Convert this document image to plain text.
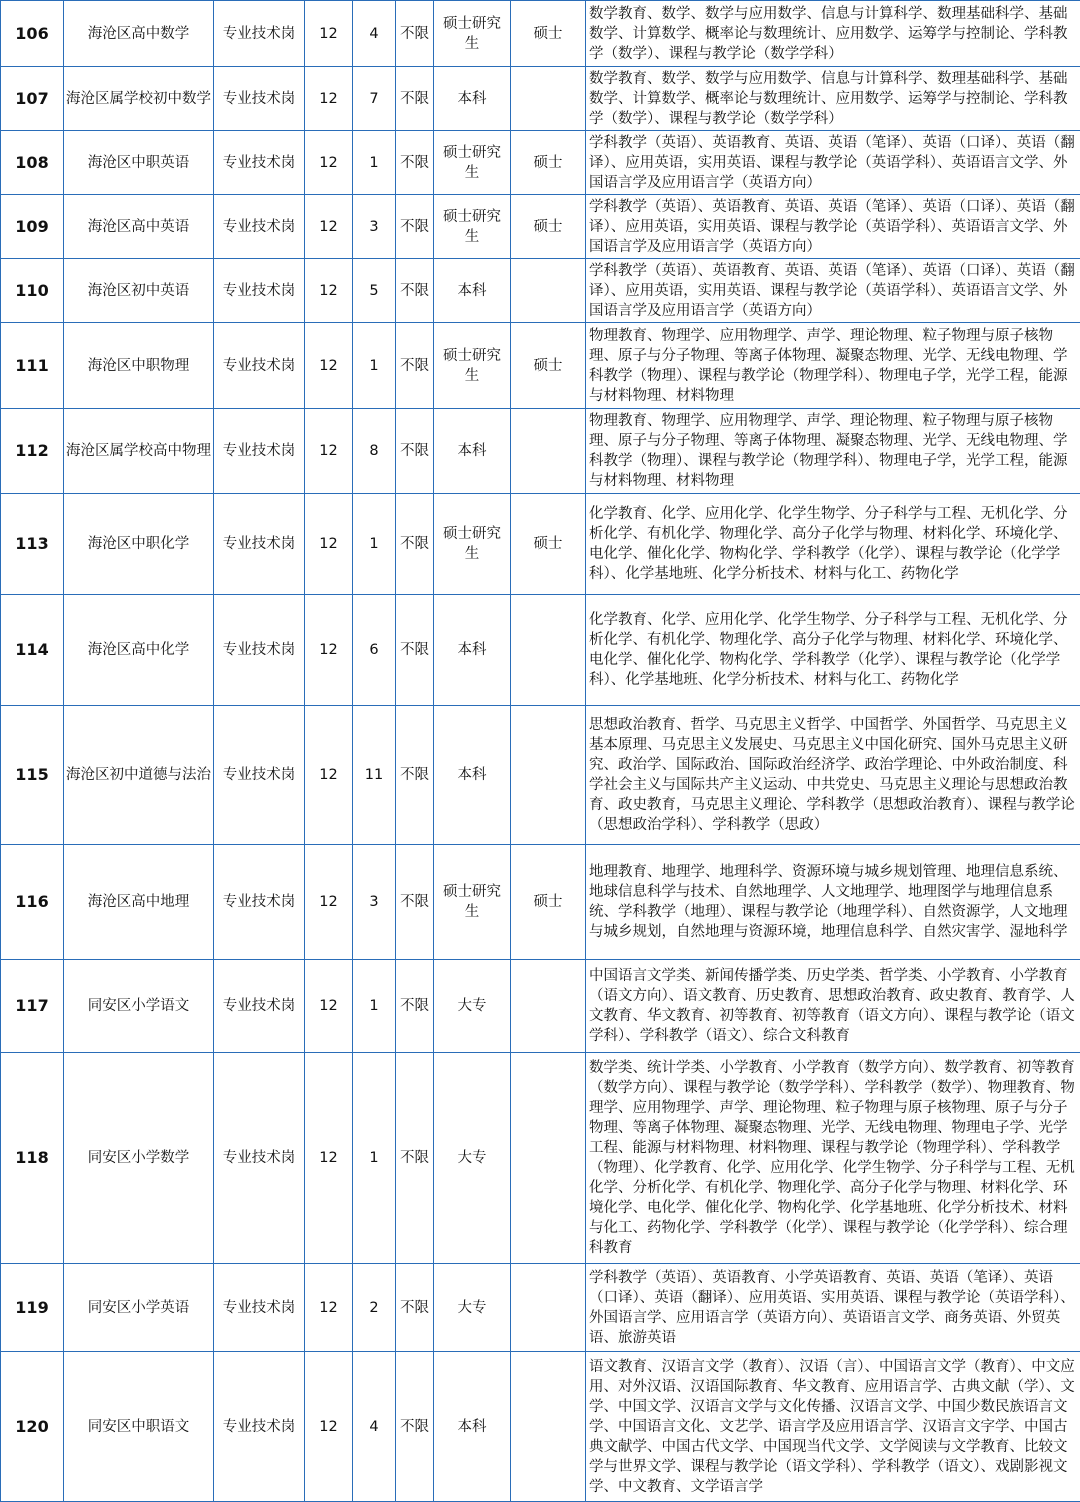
106	海沧区高中数学	专业技术岗	12	4	不限	硕士研究生	硕士	数学教育、数学、数学与应用数学、信息与计算科学、数理基础科学、基础数学、计算数学、概率论与数理统计、应用数学、运筹学与控制论、学科教学（数学）、课程与教学论（数学学科）
107	海沧区属学校初中数学	专业技术岗	12	7	不限	本科		数学教育、数学、数学与应用数学、信息与计算科学、数理基础科学、基础数学、计算数学、概率论与数理统计、应用数学、运筹学与控制论、学科教学（数学）、课程与教学论（数学学科）
108	海沧区中职英语	专业技术岗	12	1	不限	硕士研究生	硕士	学科教学（英语）、英语教育、英语、英语（笔译）、英语（口译）、英语（翻译）、应用英语，实用英语、课程与教学论（英语学科）、英语语言文学、外国语言学及应用语言学（英语方向）
109	海沧区高中英语	专业技术岗	12	3	不限	硕士研究生	硕士	学科教学（英语）、英语教育、英语、英语（笔译）、英语（口译）、英语（翻译）、应用英语，实用英语、课程与教学论（英语学科）、英语语言文学、外国语言学及应用语言学（英语方向）
110	海沧区初中英语	专业技术岗	12	5	不限	本科		学科教学（英语）、英语教育、英语、英语（笔译）、英语（口译）、英语（翻译）、应用英语，实用英语、课程与教学论（英语学科）、英语语言文学、外国语言学及应用语言学（英语方向）
111	海沧区中职物理	专业技术岗	12	1	不限	硕士研究生	硕士	物理教育、物理学、应用物理学、声学、理论物理、粒子物理与原子核物理、原子与分子物理、等离子体物理、凝聚态物理、光学、无线电物理、学科教学（物理）、课程与教学论（物理学科）、物理电子学，光学工程，能源与材料物理、材料物理
112	海沧区属学校高中物理	专业技术岗	12	8	不限	本科		物理教育、物理学、应用物理学、声学、理论物理、粒子物理与原子核物理、原子与分子物理、等离子体物理、凝聚态物理、光学、无线电物理、学科教学（物理）、课程与教学论（物理学科）、物理电子学，光学工程，能源与材料物理、材料物理
113	海沧区中职化学	专业技术岗	12	1	不限	硕士研究生	硕士	化学教育、化学、应用化学、化学生物学、分子科学与工程、无机化学、分析化学、有机化学、物理化学、高分子化学与物理、材料化学、环境化学、电化学、催化化学、物构化学、学科教学（化学）、课程与教学论（化学学科）、化学基地班、化学分析技术、材料与化工、药物化学
114	海沧区高中化学	专业技术岗	12	6	不限	本科		化学教育、化学、应用化学、化学生物学、分子科学与工程、无机化学、分析化学、有机化学、物理化学、高分子化学与物理、材料化学、环境化学、电化学、催化化学、物构化学、学科教学（化学）、课程与教学论（化学学科）、化学基地班、化学分析技术、材料与化工、药物化学
115	海沧区初中道德与法治	专业技术岗	12	11	不限	本科		思想政治教育、哲学、马克思主义哲学、中国哲学、外国哲学、马克思主义基本原理、马克思主义发展史、马克思主义中国化研究、国外马克思主义研究、政治学、国际政治、国际政治经济学、政治学理论、中外政治制度、科学社会主义与国际共产主义运动、中共党史、马克思主义理论与思想政治教育、政史教育，马克思主义理论、学科教学（思想政治教育）、课程与教学论（思想政治学科）、学科教学（思政）
116	海沧区高中地理	专业技术岗	12	3	不限	硕士研究生	硕士	地理教育、地理学、地理科学、资源环境与城乡规划管理、地理信息系统、地球信息科学与技术、自然地理学、人文地理学、地理图学与地理信息系统、学科教学（地理）、课程与教学论（地理学科）、自然资源学，人文地理与城乡规划，自然地理与资源环境，地理信息科学、自然灾害学、湿地科学
117	同安区小学语文	专业技术岗	12	1	不限	大专		中国语言文学类、新闻传播学类、历史学类、哲学类、小学教育、小学教育（语文方向）、语文教育、历史教育、思想政治教育、政史教育、教育学、人文教育、华文教育、初等教育、初等教育（语文方向）、课程与教学论（语文学科）、学科教学（语文）、综合文科教育
118	同安区小学数学	专业技术岗	12	1	不限	大专		数学类、统计学类、小学教育、小学教育（数学方向）、数学教育、初等教育（数学方向）、课程与教学论（数学学科）、学科教学（数学）、物理教育、物理学、应用物理学、声学、理论物理、粒子物理与原子核物理、原子与分子物理、等离子体物理、凝聚态物理、光学、无线电物理、物理电子学、光学工程、能源与材料物理、材料物理、课程与教学论（物理学科）、学科教学（物理）、化学教育、化学、应用化学、化学生物学、分子科学与工程、无机化学、分析化学、有机化学、物理化学、高分子化学与物理、材料化学、环境化学、电化学、催化化学、物构化学、化学基地班、化学分析技术、材料与化工、药物化学、学科教学（化学）、课程与教学论（化学学科）、综合理科教育
119	同安区小学英语	专业技术岗	12	2	不限	大专		学科教学（英语）、英语教育、小学英语教育、英语、英语（笔译）、英语（口译）、英语（翻译）、应用英语、实用英语、课程与教学论（英语学科）、外国语言学、应用语言学（英语方向）、英语语言文学、商务英语、外贸英语、旅游英语
120	同安区中职语文	专业技术岗	12	4	不限	本科		语文教育、汉语言文学（教育）、汉语（言）、中国语言文学（教育）、中文应用、对外汉语、汉语国际教育、华文教育、应用语言学、古典文献（学）、文学、中国文学、汉语言文学与文化传播、汉语言文学、中国少数民族语言文学、中国语言文化、文艺学、语言学及应用语言学、汉语言文字学、中国古典文献学、中国古代文学、中国现当代文学、文学阅读与文学教育、比较文学与世界文学、课程与教学论（语文学科）、学科教学（语文）、戏剧影视文学、中文教育、文学语言学
